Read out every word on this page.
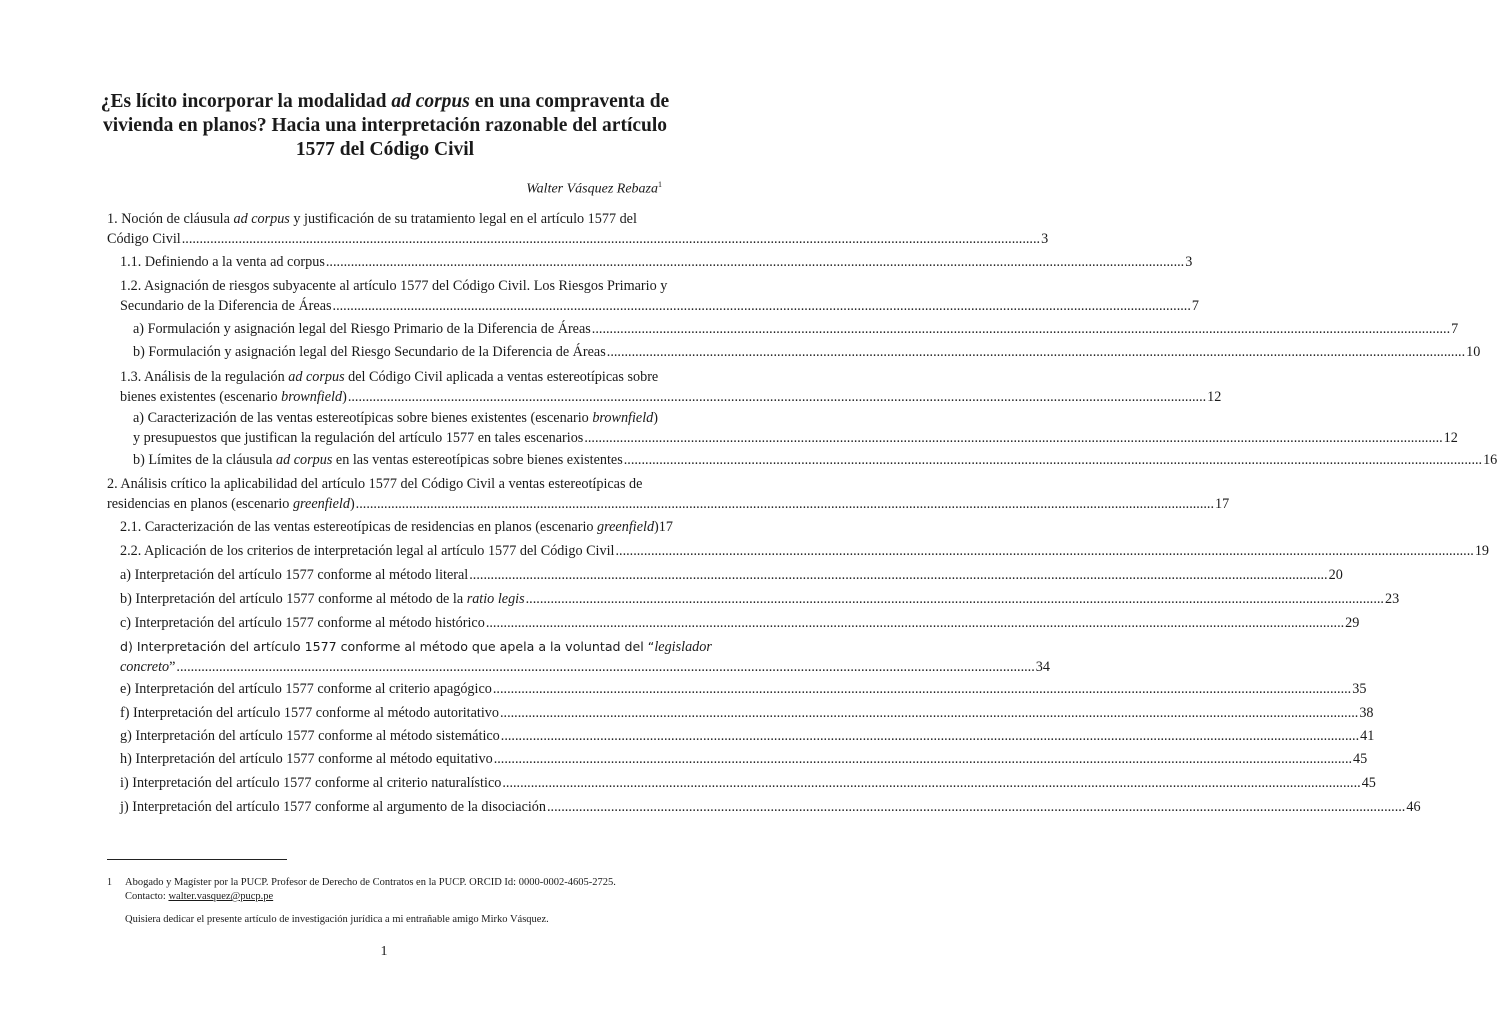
¿Es lícito incorporar la modalidad ad corpus en una compraventa de
vivienda en planos? Hacia una interpretación razonable del artículo
1577 del Código Civil
Walter Vásquez Rebaza$^1$
1. Noción de cláusula ad corpus y justificación de su tratamiento legal en el artículo 1577 del
Código Civil .....	3
1.1. Definiendo a la venta ad corpus .....	3
1.2. Asignación de riesgos subyacente al artículo 1577 del Código Civil. Los Riesgos Primario y
Secundario de la Diferencia de Áreas .....	7
a) Formulación y asignación legal del Riesgo Primario de la Diferencia de Áreas .....	7
b) Formulación y asignación legal del Riesgo Secundario de la Diferencia de Áreas .....	10
1.3. Análisis de la regulación ad corpus del Código Civil aplicada a ventas estereotípicas sobre
bienes existentes (escenario brownfield) .....	12
a) Caracterización de las ventas estereotípicas sobre bienes existentes (escenario brownfield)
y presupuestos que justifican la regulación del artículo 1577 en tales escenarios .....	12
b) Límites de la cláusula ad corpus en las ventas estereotípicas sobre bienes existentes .....	16
2. Análisis crítico la aplicabilidad del artículo 1577 del Código Civil a ventas estereotípicas de
residencias en planos (escenario greenfield) .....	17
2.1. Caracterización de las ventas estereotípicas de residencias en planos (escenario greenfield) 17
2.2. Aplicación de los criterios de interpretación legal al artículo 1577 del Código Civil .....	19
a) Interpretación del artículo 1577 conforme al método literal .....	20
b) Interpretación del artículo 1577 conforme al método de la ratio legis .....	23
c) Interpretación del artículo 1577 conforme al método histórico .....	29
d) Interpretación del artículo 1577 conforme al método que apela a la voluntad del “legislador
concreto” .....	34
e) Interpretación del artículo 1577 conforme al criterio apagógico .....	35
f) Interpretación del artículo 1577 conforme al método autoritativo .....	38
g) Interpretación del artículo 1577 conforme al método sistemático .....	41
h) Interpretación del artículo 1577 conforme al método equitativo .....	45
i) Interpretación del artículo 1577 conforme al criterio naturalístico .....	45
j) Interpretación del artículo 1577 conforme al argumento de la disociación .....	46
1 Abogado y Magíster por la PUCP. Profesor de Derecho de Contratos en la PUCP. ORCID Id: 0000-0002-4605-2725.
Contacto: walter.vasquez@pucp.pe
Quisiera dedicar el presente artículo de investigación jurídica a mi entrañable amigo Mirko Vásquez.
1
